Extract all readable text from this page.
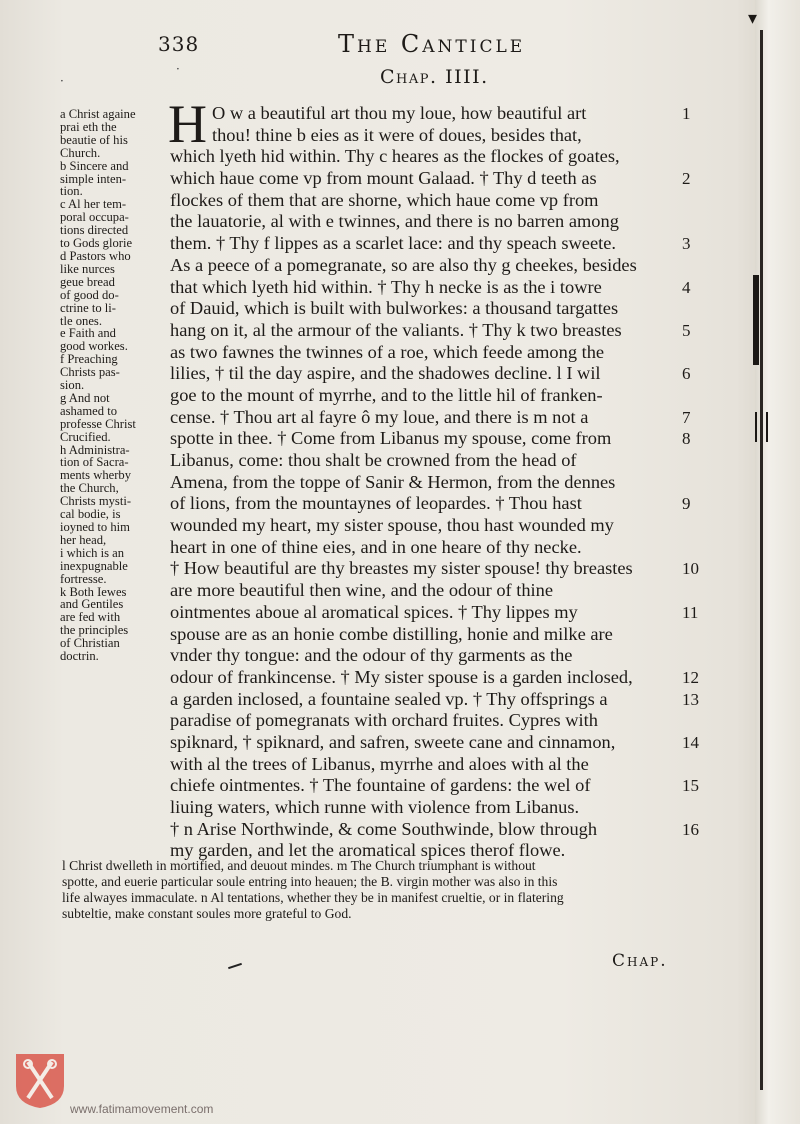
▾
·
·
338	The Canticle
Chap. IIII.
a Christ againe
prai eth the
beautie of his
Church.
b Sincere and
simple inten-
tion.
c Al her tem-
poral occupa-
tions directed
to Gods glorie
d Pastors who
like nurces
geue bread
of good do-
ctrine to li-
tle ones.
e Faith and
good workes.
f Preaching
Christs pas-
sion.
g And not
ashamed to
professe Christ
Crucified.
h Administra-
tion of Sacra-
ments wherby
the Church,
Christs mysti-
cal bodie, is
ioyned to him
her head,
i which is an
inexpugnable
fortresse.
k Both Iewes
and Gentiles
are fed with
the principles
of Christian
doctrin.
H O w a beautiful art thou my loue, how beautiful art
thou! thine b eies as it were of doues, besides that,
which lyeth hid within. Thy c heares as the flockes of goates,
which haue come vp from mount Galaad. † Thy d teeth as
flockes of them that are shorne, which haue come vp from
the lauatorie, al with e twinnes, and there is no barren among
them. † Thy f lippes as a scarlet lace: and thy speach sweete.
As a peece of a pomegranate, so are also thy g cheekes, besides
that which lyeth hid within. † Thy h necke is as the i towre
of Dauid, which is built with bulworkes: a thousand targattes
hang on it, al the armour of the valiants. † Thy k two breastes
as two fawnes the twinnes of a roe, which feede among the
lilies, † til the day aspire, and the shadowes decline. l I wil
goe to the mount of myrrhe, and to the little hil of franken-
cense. † Thou art al fayre ô my loue, and there is m not a
spotte in thee. † Come from Libanus my spouse, come from
Libanus, come: thou shalt be crowned from the head of
Amena, from the toppe of Sanir & Hermon, from the dennes
of lions, from the mountaynes of leopardes. † Thou hast
wounded my heart, my sister spouse, thou hast wounded my
heart in one of thine eies, and in one heare of thy necke.
† How beautiful are thy breastes my sister spouse! thy breastes
are more beautiful then wine, and the odour of thine
ointmentes aboue al aromatical spices. † Thy lippes my
spouse are as an honie combe distilling, honie and milke are
vnder thy tongue: and the odour of thy garments as the
odour of frankincense. † My sister spouse is a garden inclosed,
a garden inclosed, a fountaine sealed vp. † Thy offsprings a
paradise of pomegranats with orchard fruites. Cypres with
spiknard, † spiknard, and safren, sweete cane and cinnamon,
with al the trees of Libanus, myrrhe and aloes with al the
chiefe ointmentes. † The fountaine of gardens: the wel of
liuing waters, which runne with violence from Libanus.
† n Arise Northwinde, & come Southwinde, blow through
my garden, and let the aromatical spices therof flowe.
1
2
3
4
5
6
7
8
9
10
11
12
13
14
15
16
l Christ dwelleth in mortified, and deuout mindes. m The Church triumphant is without
spotte, and euerie particular soule entring into heauen; the B. virgin mother was also in this
life alwayes immaculate. n Al tentations, whether they be in manifest crueltie, or in flatering
subteltie, make constant soules more grateful to God.
Chap.
www.fatimamovement.com
